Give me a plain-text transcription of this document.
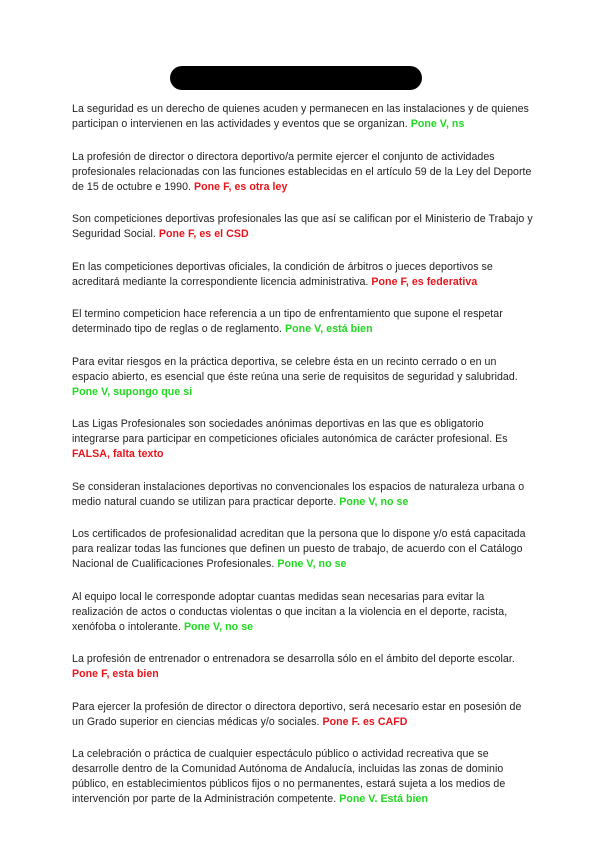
La seguridad es un derecho de quienes acuden y permanecen en las instalaciones y de quienes participan o intervienen en las actividades y eventos que se organizan. Pone V, ns

La profesión de director o directora deportivo/a permite ejercer el conjunto de actividades profesionales relacionadas con las funciones establecidas en el artículo 59 de la Ley del Deporte de 15 de octubre e 1990. Pone F, es otra ley

Son competiciones deportivas profesionales las que así se califican por el Ministerio de Trabajo y Seguridad Social. Pone F, es el CSD

En las competiciones deportivas oficiales, la condición de árbitros o jueces deportivos se acreditará mediante la correspondiente licencia administrativa. Pone F, es federativa

El termino competicion hace referencia a un tipo de enfrentamiento que supone el respetar determinado tipo de reglas o de reglamento. Pone V, está bien

Para evitar riesgos en la práctica deportiva, se celebre ésta en un recinto cerrado o en un espacio abierto, es esencial que éste reúna una serie de requisitos de seguridad y salubridad. Pone V, supongo que si

Las Ligas Profesionales son sociedades anónimas deportivas en las que es obligatorio integrarse para participar en competiciones oficiales autonómica de carácter profesional. Es FALSA, falta texto

Se consideran instalaciones deportivas no convencionales los espacios de naturaleza urbana o medio natural cuando se utilizan para practicar deporte. Pone V, no se

Los certificados de profesionalidad acreditan que la persona que lo dispone y/o está capacitada para realizar todas las funciones que definen un puesto de trabajo, de acuerdo con el Catálogo Nacional de Cualificaciones Profesionales. Pone V, no se

Al equipo local le corresponde adoptar cuantas medidas sean necesarias para evitar la realización de actos o conductas violentas o que incitan a la violencia en el deporte, racista, xenófoba o intolerante. Pone V, no se

La profesión de entrenador o entrenadora se desarrolla sólo en el ámbito del deporte escolar. Pone F, esta bien

Para ejercer la profesión de director o directora deportivo, será necesario estar en posesión de un Grado superior en ciencias médicas y/o sociales. Pone F. es CAFD

La celebración o práctica de cualquier espectáculo público o actividad recreativa que se desarrolle dentro de la Comunidad Autónoma de Andalucía, incluidas las zonas de dominio público, en establecimientos públicos fijos o no permanentes, estará sujeta a los medios de intervención por parte de la Administración competente. Pone V. Está bien
